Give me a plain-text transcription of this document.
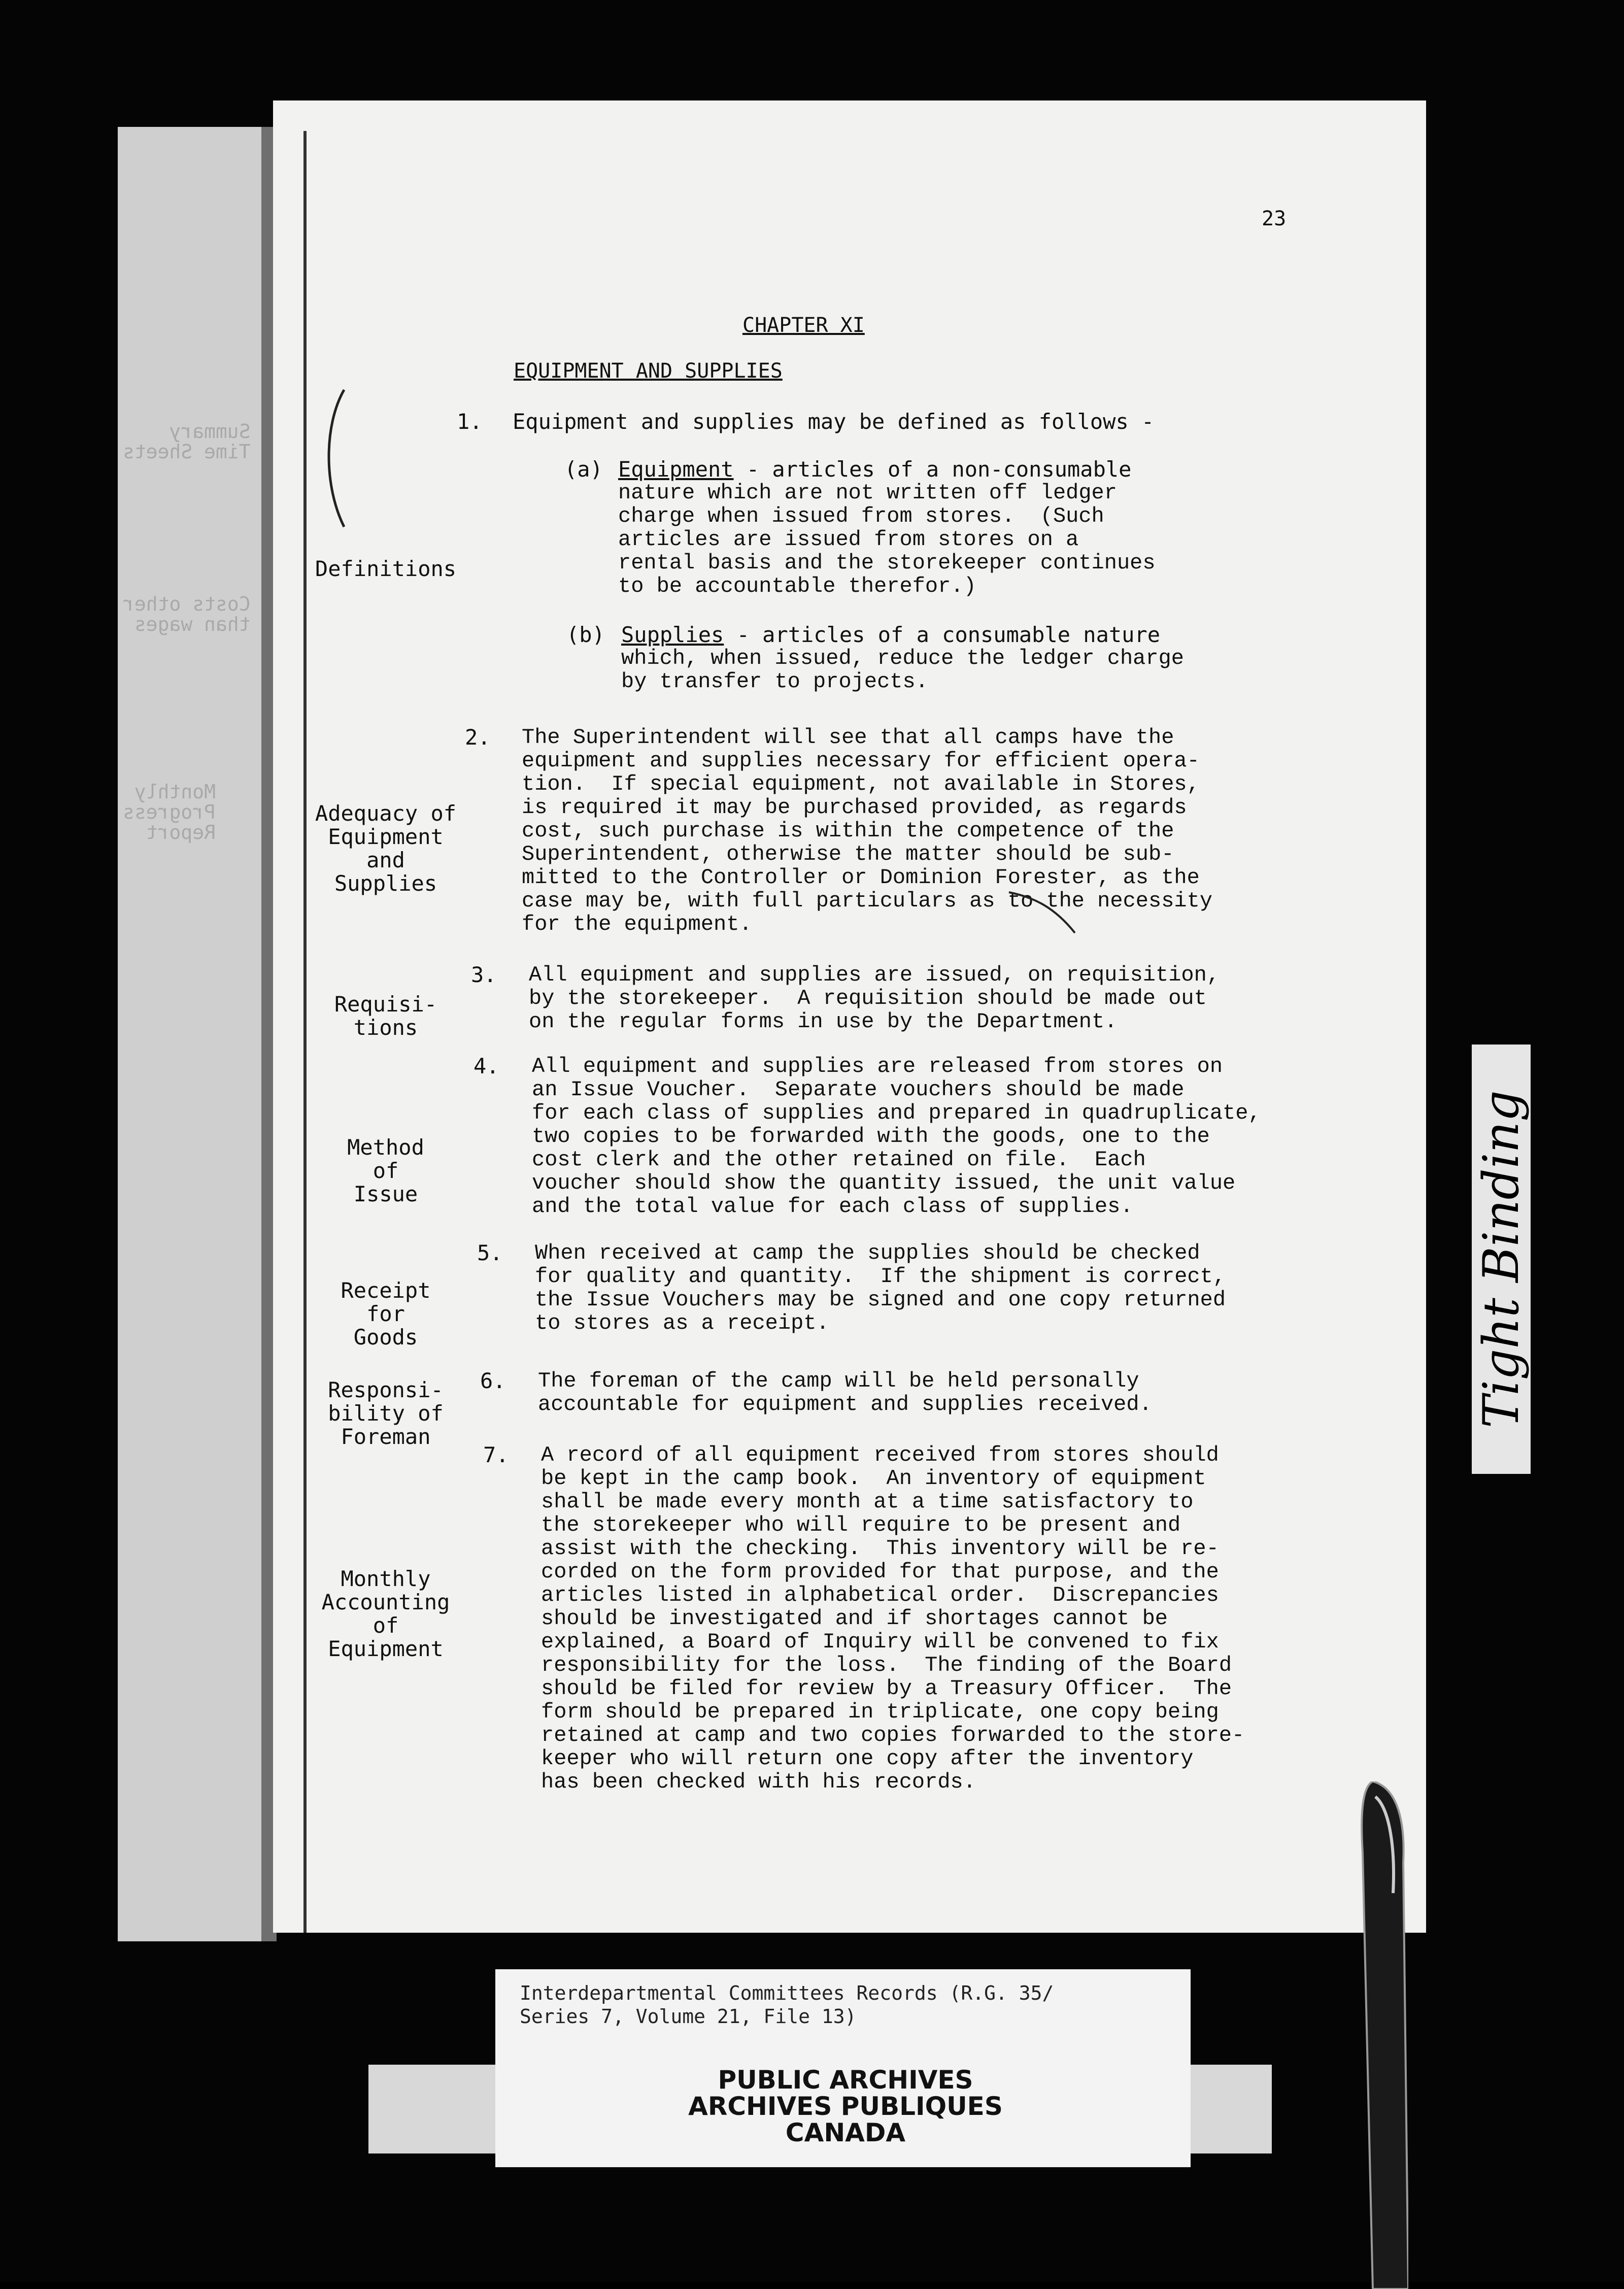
Summary
Time Sheets
Costs other
than wages
Monthly
Progress
Report
23
CHAPTER XI
EQUIPMENT AND SUPPLIES
1. Equipment and supplies may be defined as follows -
Definitions
(a) Equipment - articles of a non-consumable
nature which are not written off ledger
charge when issued from stores.  (Such
articles are issued from stores on a
rental basis and the storekeeper continues
to be accountable therefor.)
(b) Supplies - articles of a consumable nature
which, when issued, reduce the ledger charge
by transfer to projects.
2. The Superintendent will see that all camps have the
equipment and supplies necessary for efficient opera-
tion.  If special equipment, not available in Stores,
is required it may be purchased provided, as regards
cost, such purchase is within the competence of the
Superintendent, otherwise the matter should be sub-
mitted to the Controller or Dominion Forester, as the
case may be, with full particulars as to the necessity
for the equipment.
Adequacy of
Equipment
and
Supplies
3. All equipment and supplies are issued, on requisition,
by the storekeeper.  A requisition should be made out
on the regular forms in use by the Department.
Requisi-
tions
4. All equipment and supplies are released from stores on
an Issue Voucher.  Separate vouchers should be made
for each class of supplies and prepared in quadruplicate,
two copies to be forwarded with the goods, one to the
cost clerk and the other retained on file.  Each
voucher should show the quantity issued, the unit value
and the total value for each class of supplies.
Method
of
Issue
5. When received at camp the supplies should be checked
for quality and quantity.  If the shipment is correct,
the Issue Vouchers may be signed and one copy returned
to stores as a receipt.
Receipt
for
Goods
6. The foreman of the camp will be held personally
accountable for equipment and supplies received.
Responsi-
bility of
Foreman
7. A record of all equipment received from stores should
be kept in the camp book.  An inventory of equipment
shall be made every month at a time satisfactory to
the storekeeper who will require to be present and
assist with the checking.  This inventory will be re-
corded on the form provided for that purpose, and the
articles listed in alphabetical order.  Discrepancies
should be investigated and if shortages cannot be
explained, a Board of Inquiry will be convened to fix
responsibility for the loss.  The finding of the Board
should be filed for review by a Treasury Officer.  The
form should be prepared in triplicate, one copy being
retained at camp and two copies forwarded to the store-
keeper who will return one copy after the inventory
has been checked with his records.
Monthly
Accounting
of
Equipment
Tight Binding
Interdepartmental Committees Records (R.G. 35/
Series 7, Volume 21, File 13)
PUBLIC ARCHIVES
ARCHIVES PUBLIQUES
CANADA
